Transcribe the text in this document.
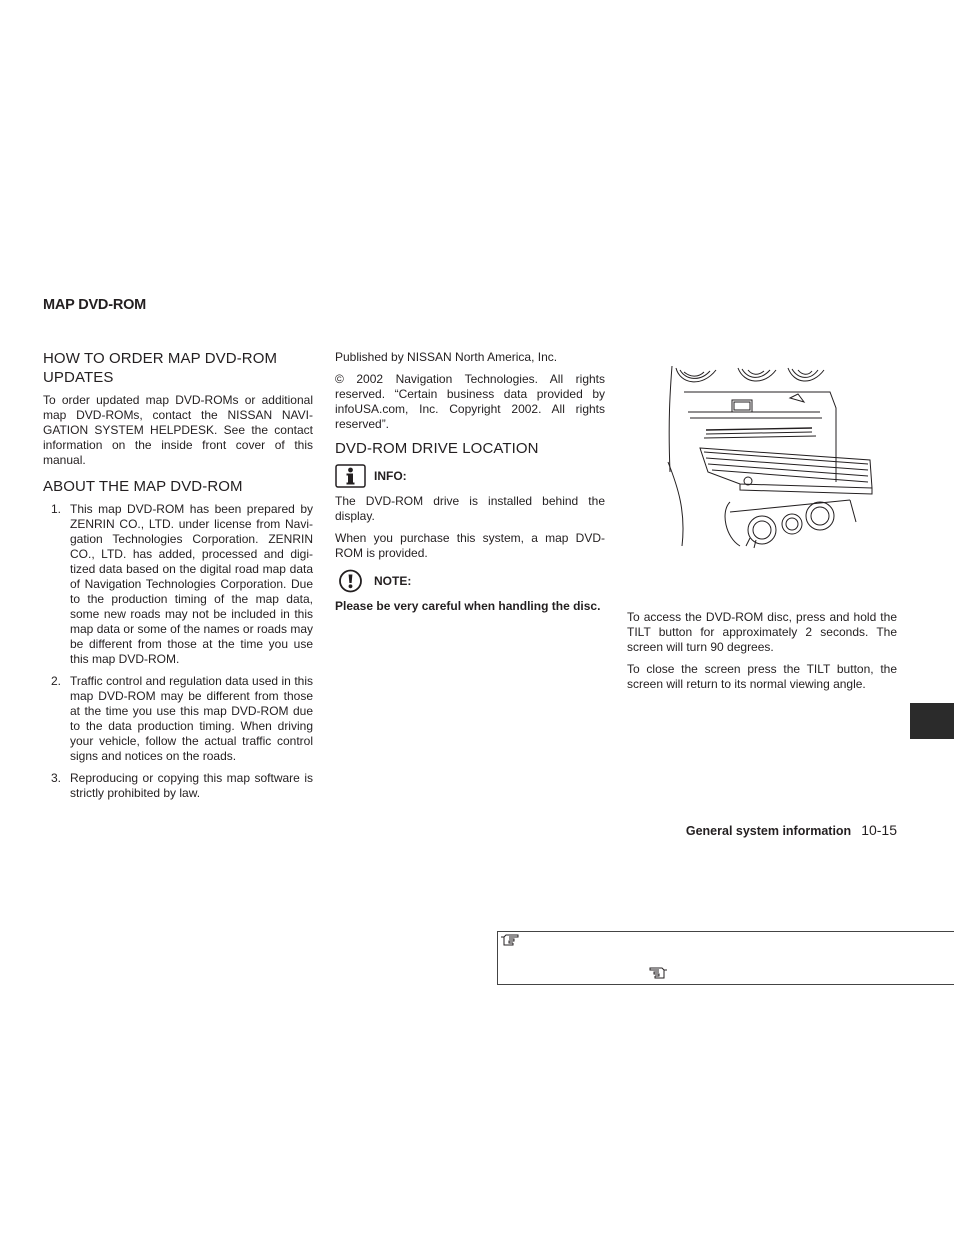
MAP DVD-ROM
HOW TO ORDER MAP DVD-ROM UPDATES

To order updated map DVD-ROMs or additional map DVD-ROMs, contact the NISSAN NAVI-GATION SYSTEM HELPDESK. See the contact information on the inside front cover of this manual.

ABOUT THE MAP DVD-ROM
1. This map DVD-ROM has been prepared by ZENRIN CO., LTD. under license from Navi-gation Technologies Corporation. ZENRIN CO., LTD. has added, processed and digi-tized data based on the digital road map data of Navigation Technologies Corporation. Due to the production timing of the map data, some new roads may not be included in this map data or some of the names or roads may be different from those at the time you use this map DVD-ROM.
2. Traffic control and regulation data used in this map DVD-ROM may be different from those at the time you use this map DVD-ROM due to the data production timing. When driving your vehicle, follow the actual traffic control signs and notices on the roads.
3. Reproducing or copying this map software is strictly prohibited by law.

Published by NISSAN North America, Inc.

© 2002 Navigation Technologies. All rights reserved. “Certain business data provided by infoUSA.com, Inc. Copyright 2002. All rights reserved”.

DVD-ROM DRIVE LOCATION
INFO:

The DVD-ROM drive is installed behind the display.

When you purchase this system, a map DVD-ROM is provided.

NOTE:

Please be very careful when handling the disc.

To access the DVD-ROM disc, press and hold the TILT button for approximately 2 seconds. The screen will turn 90 degrees.

To close the screen press the TILT button, the screen will return to its normal viewing angle.

General system information 10-15
